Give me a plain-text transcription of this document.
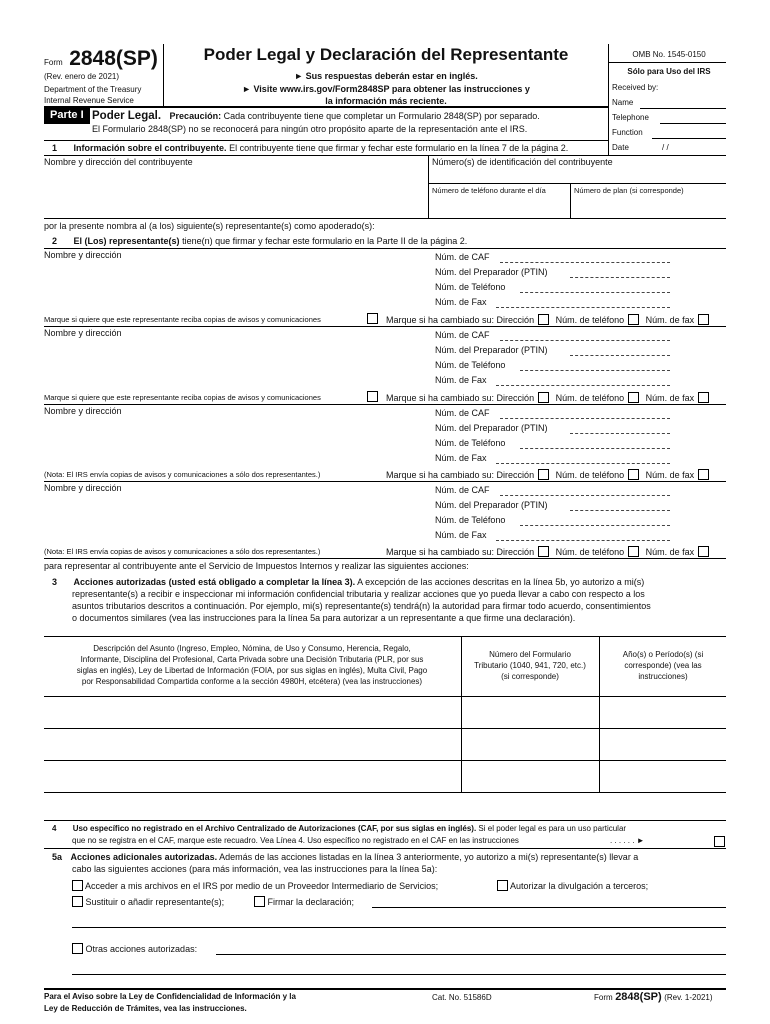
Form 2848(SP)
(Rev. enero de 2021)
Department of the Treasury
Internal Revenue Service
Poder Legal y Declaración del Representante
► Sus respuestas deberán estar en inglés.
► Visite www.irs.gov/Form2848SP para obtener las instrucciones y
la información más reciente.
OMB No. 1545-0150
Sólo para Uso del IRS
Received by:
Name
Telephone
Function
Date	/ /
Parte I Poder Legal. Precaución: Cada contribuyente tiene que completar un Formulario 2848(SP) por separado.
El Formulario 2848(SP) no se reconocerá para ningún otro propósito aparte de la representación ante el IRS.
1 Información sobre el contribuyente. El contribuyente tiene que firmar y fechar este formulario en la línea 7 de la página 2.
Nombre y dirección del contribuyente	Número(s) de identificación del contribuyente
Número de teléfono durante el día	Número de plan (si corresponde)
por la presente nombra al (a los) siguiente(s) representante(s) como apoderado(s):
2 El (Los) representante(s) tiene(n) que firmar y fechar este formulario en la Parte II de la página 2.
Nombre y dirección	Núm. de CAF
Núm. del Preparador (PTIN)
Núm. de Teléfono
Núm. de Fax
Marque si quiere que este representante reciba copias de avisos y comunicaciones	Marque si ha cambiado su: Dirección Núm. de teléfono Núm. de fax
Nombre y dirección	Núm. de CAF
Núm. del Preparador (PTIN)
Núm. de Teléfono
Núm. de Fax
Marque si quiere que este representante reciba copias de avisos y comunicaciones	Marque si ha cambiado su: Dirección Núm. de teléfono Núm. de fax
Nombre y dirección	Núm. de CAF
Núm. del Preparador (PTIN)
Núm. de Teléfono
Núm. de Fax
(Nota: El IRS envía copias de avisos y comunicaciones a sólo dos representantes.)	Marque si ha cambiado su: Dirección Núm. de teléfono Núm. de fax
Nombre y dirección	Núm. de CAF
Núm. del Preparador (PTIN)
Núm. de Teléfono
Núm. de Fax
(Nota: El IRS envía copias de avisos y comunicaciones a sólo dos representantes.)	Marque si ha cambiado su: Dirección Núm. de teléfono Núm. de fax
para representar al contribuyente ante el Servicio de Impuestos Internos y realizar las siguientes acciones:
3 Acciones autorizadas (usted está obligado a completar la línea 3). A excepción de las acciones descritas en la línea 5b, yo autorizo a mi(s)
representante(s) a recibir e inspeccionar mi información confidencial tributaria y realizar acciones que yo pueda llevar a cabo con respecto a los
asuntos tributarios descritos a continuación. Por ejemplo, mi(s) representante(s) tendrá(n) la autoridad para firmar todo acuerdo, consentimientos
o documentos similares (vea las instrucciones para la línea 5a para autorizar a un representante a que firme una declaración).
Descripción del Asunto (Ingreso, Empleo, Nómina, de Uso y Consumo, Herencia, Regalo,
Informante, Disciplina del Profesional, Carta Privada sobre una Decisión Tributaria (PLR, por sus
siglas en inglés), Ley de Libertad de Información (FOIA, por sus siglas en inglés), Multa Civil, Pago
por Responsabilidad Compartida conforme a la sección 4980H, etcétera) (vea las instrucciones)
Número del Formulario
Tributario (1040, 941, 720, etc.)
(si corresponde)
Año(s) o Período(s) (si
corresponde) (vea las
instrucciones)
4 Uso específico no registrado en el Archivo Centralizado de Autorizaciones (CAF, por sus siglas en inglés). Si el poder legal es para un uso particular
que no se registra en el CAF, marque este recuadro. Vea Línea 4. Uso específico no registrado en el CAF en las instrucciones	. . . . . . ►
5a Acciones adicionales autorizadas. Además de las acciones listadas en la línea 3 anteriormente, yo autorizo a mi(s) representante(s) llevar a
cabo las siguientes acciones (para más información, vea las instrucciones para la línea 5a):
Acceder a mis archivos en el IRS por medio de un Proveedor Intermediario de Servicios;	Autorizar la divulgación a terceros;
Sustituir o añadir representante(s);	Firmar la declaración;
Otras acciones autorizadas:
Para el Aviso sobre la Ley de Confidencialidad de Información y la
Ley de Reducción de Trámites, vea las instrucciones.
Cat. No. 51586D	Form 2848(SP) (Rev. 1-2021)
